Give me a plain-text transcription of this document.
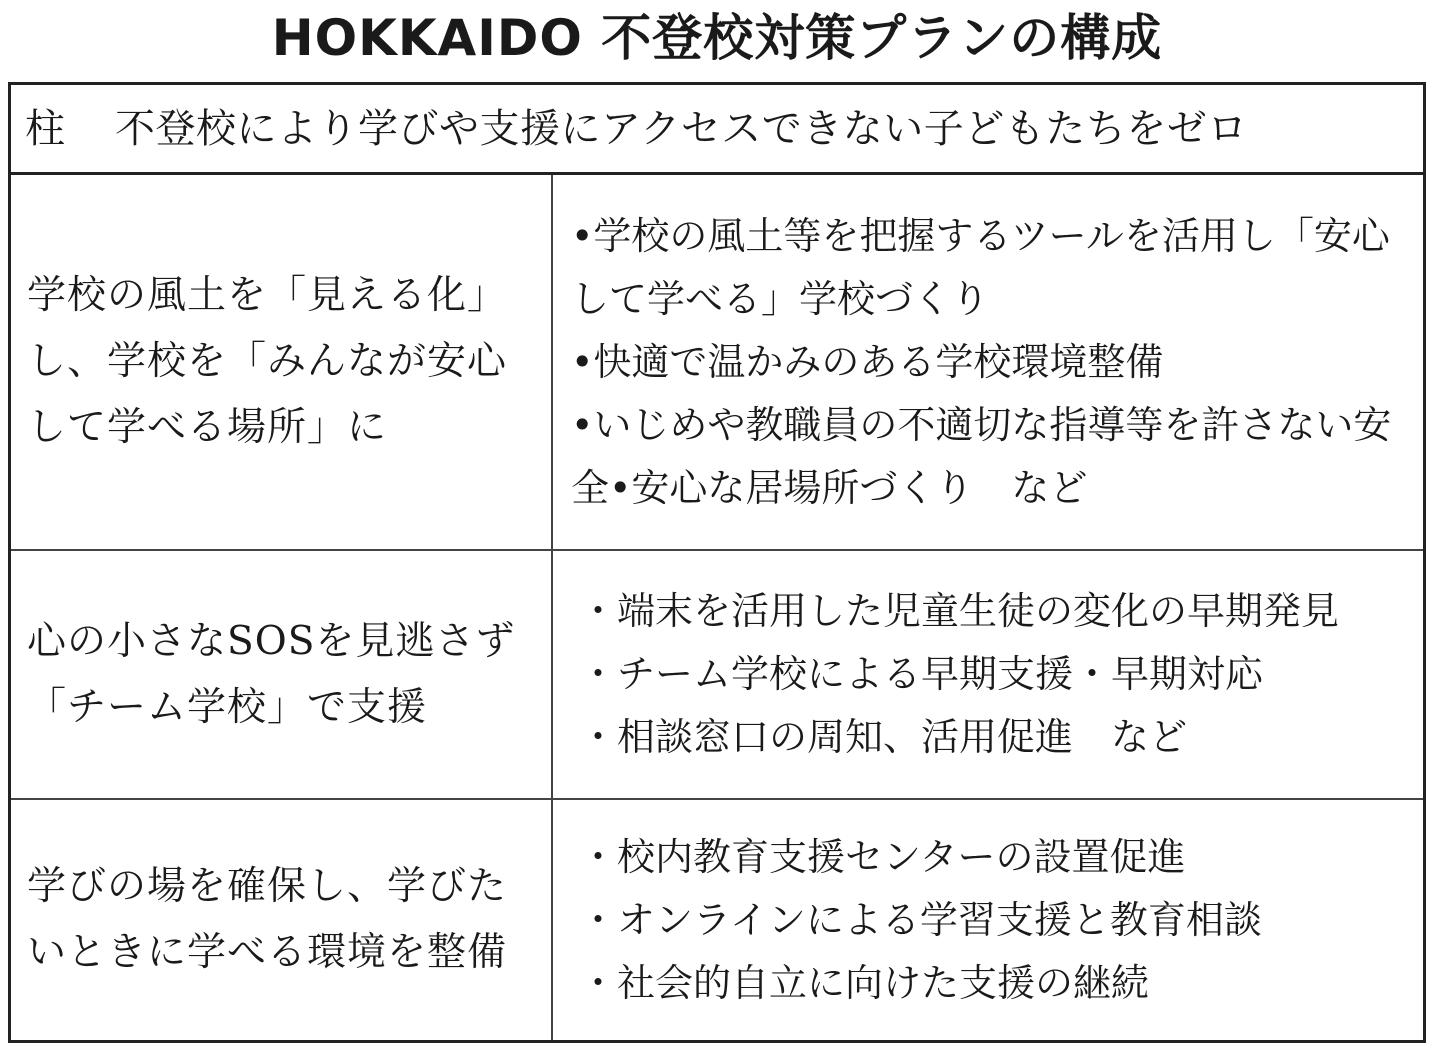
HOKKAIDO 不登校対策プランの構成
柱	不登校により学びや支援にアクセスできない子どもたちをゼロ
学校の風土を「見える化」し、学校を「みんなが安心して学べる場所」に
•学校の風土等を把握するツールを活用し「安心して学べる」学校づくり
•快適で温かみのある学校環境整備
•いじめや教職員の不適切な指導等を許さない安全•安心な居場所づくり　など
心の小さなSOSを見逃さず「チーム学校」で支援
・端末を活用した児童生徒の変化の早期発見
・チーム学校による早期支援・早期対応
・相談窓口の周知、活用促進　など
学びの場を確保し、学びたいときに学べる環境を整備
・校内教育支援センターの設置促進
・オンラインによる学習支援と教育相談
・社会的自立に向けた支援の継続
